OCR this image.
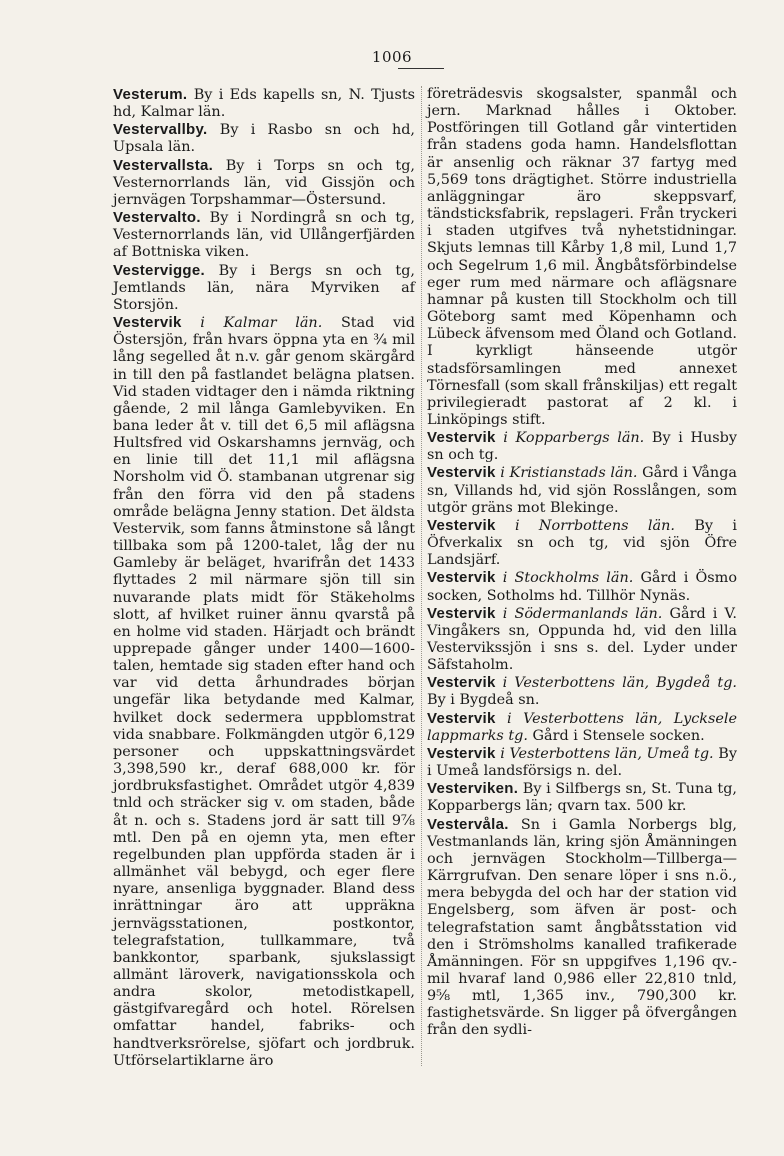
1006

Vesterum. By i Eds kapells sn, N. Tjusts hd, Kalmar län.

Vestervallby. By i Rasbo sn och hd, Upsala län.

Vestervallsta. By i Torps sn och tg, Vesternorrlands län, vid Gissjön och jernvägen Torpshammar—Östersund.

Vestervalto. By i Nordingrå sn och tg, Vesternorrlands län, vid Ullångerfjärden af Bottniska viken.

Vestervigge. By i Bergs sn och tg, Jemtlands län, nära Myrviken af Storsjön.

Vestervik i Kalmar län. Stad vid Östersjön, från hvars öppna yta en ¾ mil lång segelled åt n.v. går genom skärgård in till den på fastlandet belägna platsen. Vid staden vidtager den i nämda riktning gående, 2 mil långa Gamlebyviken. En bana leder åt v. till det 6,5 mil aflägsna Hultsfred vid Oskarshamns jernväg, och en linie till det 11,1 mil aflägsna Norsholm vid Ö. stambanan utgrenar sig från den förra vid den på stadens område belägna Jenny station. Det äldsta Vestervik, som fanns åtminstone så långt tillbaka som på 1200-talet, låg der nu Gamleby är beläget, hvarifrån det 1433 flyttades 2 mil närmare sjön till sin nuvarande plats midt för Stäkeholms slott, af hvilket ruiner ännu qvarstå på en holme vid staden. Härjadt och brändt upprepade gånger under 1400—1600-talen, hemtade sig staden efter hand och var vid detta århundrades början ungefär lika betydande med Kalmar, hvilket dock sedermera uppblomstrat vida snabbare. Folkmängden utgör 6,129 personer och uppskattningsvärdet 3,398,590 kr., deraf 688,000 kr. för jordbruksfastighet. Området utgör 4,839 tnld och sträcker sig v. om staden, både åt n. och s. Stadens jord är satt till 9⅞ mtl. Den på en ojemn yta, men efter regelbunden plan uppförda staden är i allmänhet väl bebygd, och eger flere nyare, ansenliga byggnader. Bland dess inrättningar äro att uppräkna jernvägsstationen, postkontor, telegrafstation, tullkammare, två bankkontor, sparbank, sjukslassigt allmänt läroverk, navigationsskola och andra skolor, metodistkapell, gästgifvaregård och hotel. Rörelsen omfattar handel, fabriks- och handtverksrörelse, sjöfart och jordbruk. Utförselartiklarne äro

företrädesvis skogsalster, spanmål och jern. Marknad hålles i Oktober. Postföringen till Gotland går vintertiden från stadens goda hamn. Handelsflottan är ansenlig och räknar 37 fartyg med 5,569 tons drägtighet. Större industriella anläggningar äro skeppsvarf, tändsticksfabrik, repslageri. Från tryckeri i staden utgifves två nyhetstidningar. Skjuts lemnas till Kårby 1,8 mil, Lund 1,7 och Segelrum 1,6 mil. Ångbåtsförbindelse eger rum med närmare och aflägsnare hamnar på kusten till Stockholm och till Göteborg samt med Köpenhamn och Lübeck äfvensom med Öland och Gotland. I kyrkligt hänseende utgör stadsförsamlingen med annexet Törnesfall (som skall frånskiljas) ett regalt privilegieradt pastorat af 2 kl. i Linköpings stift.

Vestervik i Kopparbergs län. By i Husby sn och tg.

Vestervik i Kristianstads län. Gård i Vånga sn, Villands hd, vid sjön Rosslången, som utgör gräns mot Blekinge.

Vestervik i Norrbottens län. By i Öfverkalix sn och tg, vid sjön Öfre Landsjärf.

Vestervik i Stockholms län. Gård i Ösmo socken, Sotholms hd. Tillhör Nynäs.

Vestervik i Södermanlands län. Gård i V. Vingåkers sn, Oppunda hd, vid den lilla Vestervikssjön i sns s. del. Lyder under Säfstaholm.

Vestervik i Vesterbottens län, Bygdeå tg. By i Bygdeå sn.

Vestervik i Vesterbottens län, Lycksele lappmarks tg. Gård i Stensele socken.

Vestervik i Vesterbottens län, Umeå tg. By i Umeå landsförsigs n. del.

Vesterviken. By i Silfbergs sn, St. Tuna tg, Kopparbergs län; qvarn tax. 500 kr.

Vestervåla. Sn i Gamla Norbergs blg, Vestmanlands län, kring sjön Åmänningen och jernvägen Stockholm—Tillberga—Kärrgrufvan. Den senare löper i sns n.ö., mera bebygda del och har der station vid Engelsberg, som äfven är post- och telegrafstation samt ångbåtsstation vid den i Strömsholms kanalled trafikerade Åmänningen. För sn uppgifves 1,196 qv.-mil hvaraf land 0,986 eller 22,810 tnld, 9⅝ mtl, 1,365 inv., 790,300 kr. fastighetsvärde. Sn ligger på öfvergången från den sydli-
